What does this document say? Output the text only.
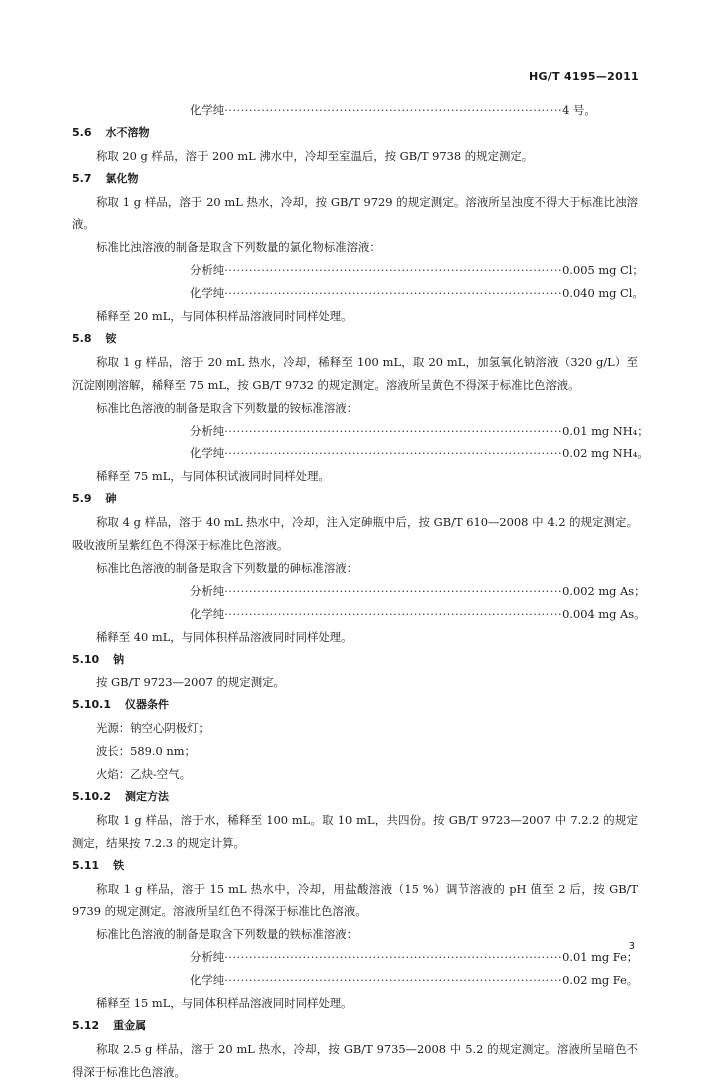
HG/T 4195—2011
化学纯 ·················································································· 4 号。
5.6 水不溶物
称取 20 g 样品，溶于 200 mL 沸水中，冷却至室温后，按 GB/T 9738 的规定测定。
5.7 氯化物
称取 1 g 样品，溶于 20 mL 热水，冷却，按 GB/T 9729 的规定测定。溶液所呈浊度不得大于标准比浊溶液。
标准比浊溶液的制备是取含下列数量的氯化物标准溶液：
分析纯 ·················································································· 0.005 mg Cl；
化学纯 ·················································································· 0.040 mg Cl。
稀释至 20 mL，与同体积样品溶液同时同样处理。
5.8 铵
称取 1 g 样品，溶于 20 mL 热水，冷却，稀释至 100 mL，取 20 mL，加氢氧化钠溶液（320 g/L）至沉淀刚刚溶解，稀释至 75 mL，按 GB/T 9732 的规定测定。溶液所呈黄色不得深于标准比色溶液。
标准比色溶液的制备是取含下列数量的铵标准溶液：
分析纯 ·················································································· 0.01 mg NH₄；
化学纯 ·················································································· 0.02 mg NH₄。
稀释至 75 mL，与同体积试液同时同样处理。
5.9 砷
称取 4 g 样品，溶于 40 mL 热水中，冷却，注入定砷瓶中后，按 GB/T 610—2008 中 4.2 的规定测定。吸收液所呈紫红色不得深于标准比色溶液。
标准比色溶液的制备是取含下列数量的砷标准溶液：
分析纯 ·················································································· 0.002 mg As；
化学纯 ·················································································· 0.004 mg As。
稀释至 40 mL，与同体积样品溶液同时同样处理。
5.10 钠
按 GB/T 9723—2007 的规定测定。
5.10.1 仪器条件
光源：钠空心阴极灯；
波长：589.0 nm；
火焰：乙炔-空气。
5.10.2 测定方法
称取 1 g 样品，溶于水，稀释至 100 mL。取 10 mL，共四份。按 GB/T 9723—2007 中 7.2.2 的规定测定，结果按 7.2.3 的规定计算。
5.11 铁
称取 1 g 样品，溶于 15 mL 热水中，冷却，用盐酸溶液（15 %）调节溶液的 pH 值至 2 后，按 GB/T 9739 的规定测定。溶液所呈红色不得深于标准比色溶液。
标准比色溶液的制备是取含下列数量的铁标准溶液：
分析纯 ·················································································· 0.01 mg Fe；
化学纯 ·················································································· 0.02 mg Fe。
稀释至 15 mL，与同体积样品溶液同时同样处理。
5.12 重金属
称取 2.5 g 样品，溶于 20 mL 热水，冷却，按 GB/T 9735—2008 中 5.2 的规定测定。溶液所呈暗色不得深于标准比色溶液。
3
